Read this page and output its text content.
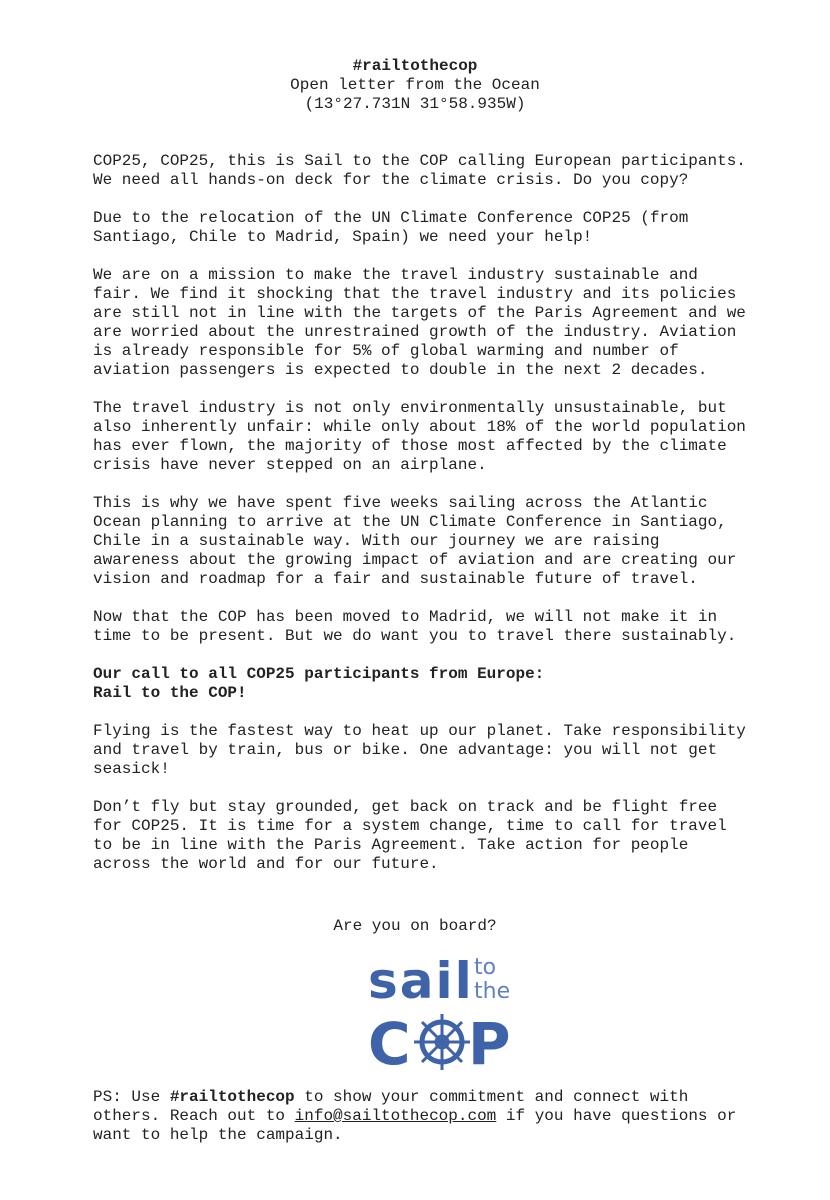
#railtothecop
Open letter from the Ocean
(13°27.731N 31°58.935W)

COP25, COP25, this is Sail to the COP calling European participants.
We need all hands-on deck for the climate crisis. Do you copy?

Due to the relocation of the UN Climate Conference COP25 (from
Santiago, Chile to Madrid, Spain) we need your help!

We are on a mission to make the travel industry sustainable and
fair. We find it shocking that the travel industry and its policies
are still not in line with the targets of the Paris Agreement and we
are worried about the unrestrained growth of the industry. Aviation
is already responsible for 5% of global warming and number of
aviation passengers is expected to double in the next 2 decades.

The travel industry is not only environmentally unsustainable, but
also inherently unfair: while only about 18% of the world population
has ever flown, the majority of those most affected by the climate
crisis have never stepped on an airplane.

This is why we have spent five weeks sailing across the Atlantic
Ocean planning to arrive at the UN Climate Conference in Santiago,
Chile in a sustainable way. With our journey we are raising
awareness about the growing impact of aviation and are creating our
vision and roadmap for a fair and sustainable future of travel.

Now that the COP has been moved to Madrid, we will not make it in
time to be present. But we do want you to travel there sustainably.

Our call to all COP25 participants from Europe:
Rail to the COP!

Flying is the fastest way to heat up our planet. Take responsibility
and travel by train, bus or bike. One advantage: you will not get
seasick!

Don’t fly but stay grounded, get back on track and be flight free
for COP25. It is time for a system change, time to call for travel
to be in line with the Paris Agreement. Take action for people
across the world and for our future.

Are you on board?
sail to
the
C P
PS: Use #railtothecop to show your commitment and connect with
others. Reach out to info@sailtothecop.com if you have questions or
want to help the campaign.
